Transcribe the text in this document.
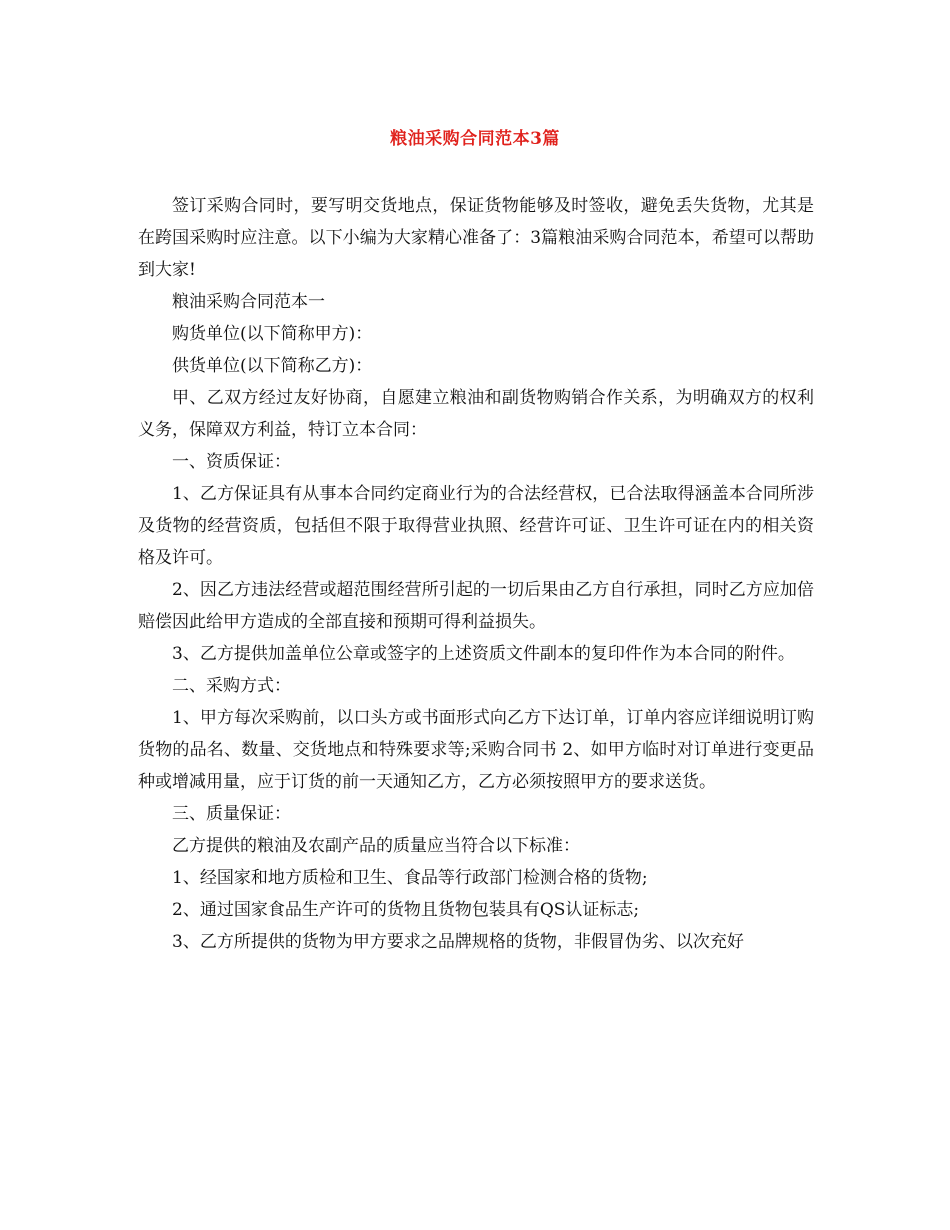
粮油采购合同范本3篇

签订采购合同时，要写明交货地点，保证货物能够及时签收，避免丢失货物，尤其是在跨国采购时应注意。以下小编为大家精心准备了：3篇粮油采购合同范本，希望可以帮助到大家!

粮油采购合同范本一

购货单位(以下简称甲方)：

供货单位(以下简称乙方)：

甲、乙双方经过友好协商，自愿建立粮油和副货物购销合作关系，为明确双方的权利义务，保障双方利益，特订立本合同：

一、资质保证：

1、乙方保证具有从事本合同约定商业行为的合法经营权，已合法取得涵盖本合同所涉及货物的经营资质，包括但不限于取得营业执照、经营许可证、卫生许可证在内的相关资格及许可。

2、因乙方违法经营或超范围经营所引起的一切后果由乙方自行承担，同时乙方应加倍赔偿因此给甲方造成的全部直接和预期可得利益损失。

3、乙方提供加盖单位公章或签字的上述资质文件副本的复印件作为本合同的附件。

二、采购方式：

1、甲方每次采购前，以口头方或书面形式向乙方下达订单，订单内容应详细说明订购货物的品名、数量、交货地点和特殊要求等;采购合同书 2、如甲方临时对订单进行变更品种或增减用量，应于订货的前一天通知乙方，乙方必须按照甲方的要求送货。

三、质量保证：

乙方提供的粮油及农副产品的质量应当符合以下标准：

1、经国家和地方质检和卫生、食品等行政部门检测合格的货物;

2、通过国家食品生产许可的货物且货物包装具有QS认证标志;

3、乙方所提供的货物为甲方要求之品牌规格的货物，非假冒伪劣、以次充好
